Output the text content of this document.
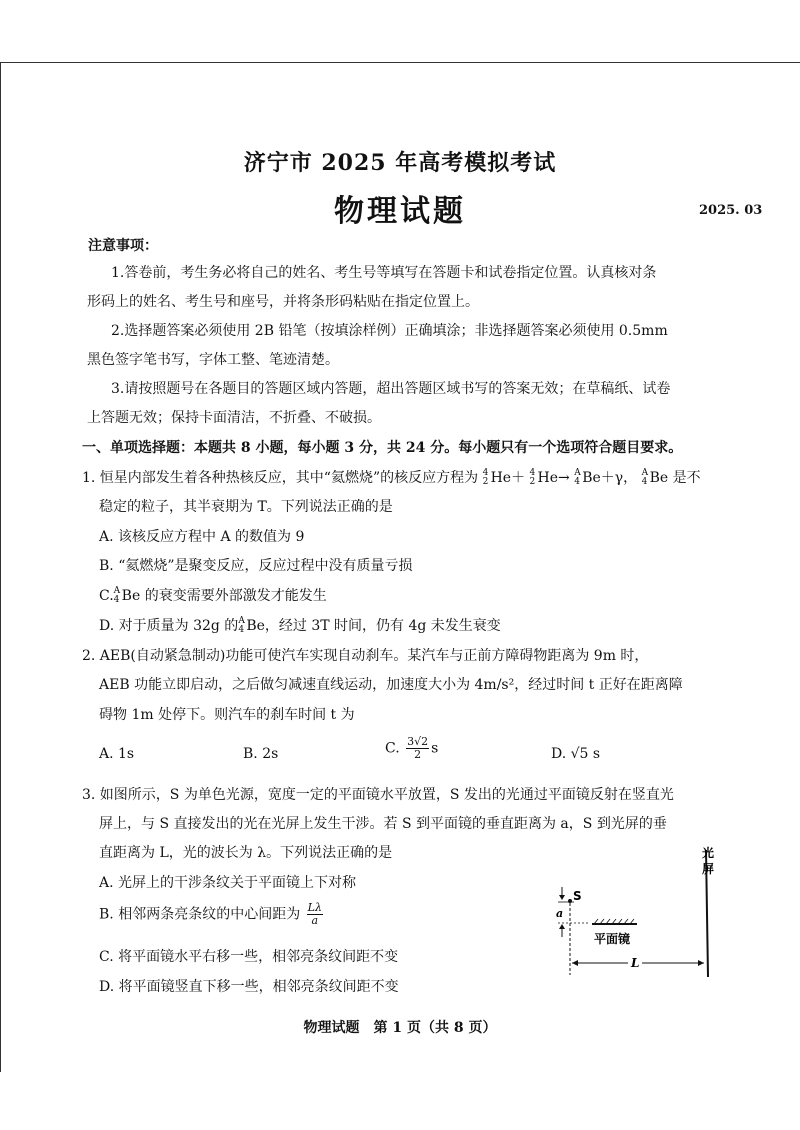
济宁市 2025 年高考模拟考试
物理试题	2025. 03
注意事项：
1.答卷前，考生务必将自己的姓名、考生号等填写在答题卡和试卷指定位置。认真核对条
形码上的姓名、考生号和座号，并将条形码粘贴在指定位置上。
2.选择题答案必须使用 2B 铅笔（按填涂样例）正确填涂；非选择题答案必须使用 0.5mm
黑色签字笔书写，字体工整、笔迹清楚。
3.请按照题号在各题目的答题区域内答题，超出答题区域书写的答案无效；在草稿纸、试卷
上答题无效；保持卡面清洁，不折叠、不破损。
一、单项选择题：本题共 8 小题，每小题 3 分，共 24 分。每小题只有一个选项符合题目要求。
1. 恒星内部发生着各种热核反应，其中“氦燃烧”的核反应方程为 4
2 He＋ 4
2 He→ A
4 Be＋γ， A
4 Be 是不
稳定的粒子，其半衰期为 T。下列说法正确的是
A. 该核反应方程中 A 的数值为 9
B. “氦燃烧”是聚变反应，反应过程中没有质量亏损
C. A
4 Be 的衰变需要外部激发才能发生
D. 对于质量为 32g 的 A
4 Be，经过 3T 时间，仍有 4g 未发生衰变
2. AEB(自动紧急制动)功能可使汽车实现自动刹车。某汽车与正前方障碍物距离为 9m 时，
AEB 功能立即启动，之后做匀减速直线运动，加速度大小为 4m/s²，经过时间 t 正好在距离障
碍物 1m 处停下。则汽车的刹车时间 t 为
A. 1s	B. 2s	C. $\frac{3√2}{2}$ s	D. √5 s
3. 如图所示，S 为单色光源，宽度一定的平面镜水平放置，S 发出的光通过平面镜反射在竖直光
屏上，与 S 直接发出的光在光屏上发生干涉。若 S 到平面镜的垂直距离为 a，S 到光屏的垂
直距离为 L，光的波长为 λ。下列说法正确的是
A. 光屏上的干涉条纹关于平面镜上下对称
B. 相邻两条亮条纹的中心间距为 $\frac{L\lambda}{a}$
C. 将平面镜水平右移一些，相邻亮条纹间距不变
D. 将平面镜竖直下移一些，相邻亮条纹间距不变
光
屏
S
a
平面镜
L
物理试题　第 1 页（共 8 页）
